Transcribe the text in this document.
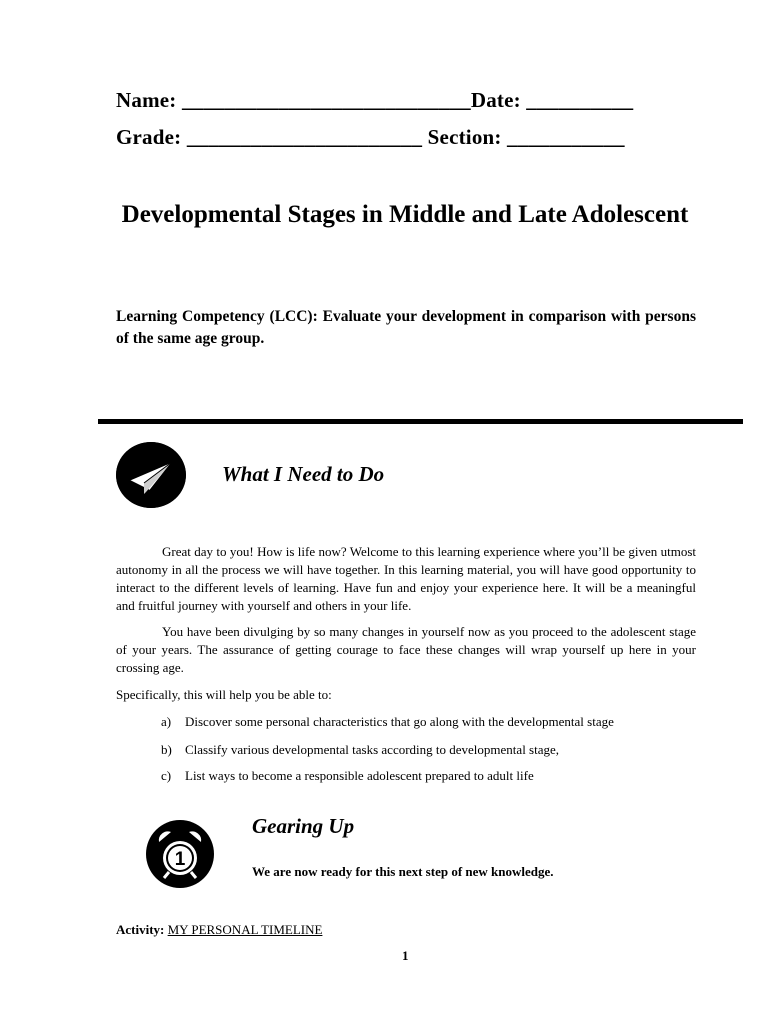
Name: ___________________________Date: __________
Grade: ______________________ Section: ___________
Developmental Stages in Middle and Late Adolescent
Learning Competency (LCC): Evaluate your development in comparison with persons of the same age group.
What I Need to Do

Great day to you! How is life now? Welcome to this learning experience where you’ll be given utmost autonomy in all the process we will have together. In this learning material, you will have good opportunity to interact to the different levels of learning. Have fun and enjoy your experience here. It will be a meaningful and fruitful journey with yourself and others in your life.

You have been divulging by so many changes in yourself now as you proceed to the adolescent stage of your years. The assurance of getting courage to face these changes will wrap yourself up here in your crossing age.

Specifically, this will help you be able to:
a) Discover some personal characteristics that go along with the developmental stage
b) Classify various developmental tasks according to developmental stage,
c) List ways to become a responsible adolescent prepared to adult life
1
Gearing Up
We are now ready for this next step of new knowledge.
Activity: MY PERSONAL TIMELINE
1
